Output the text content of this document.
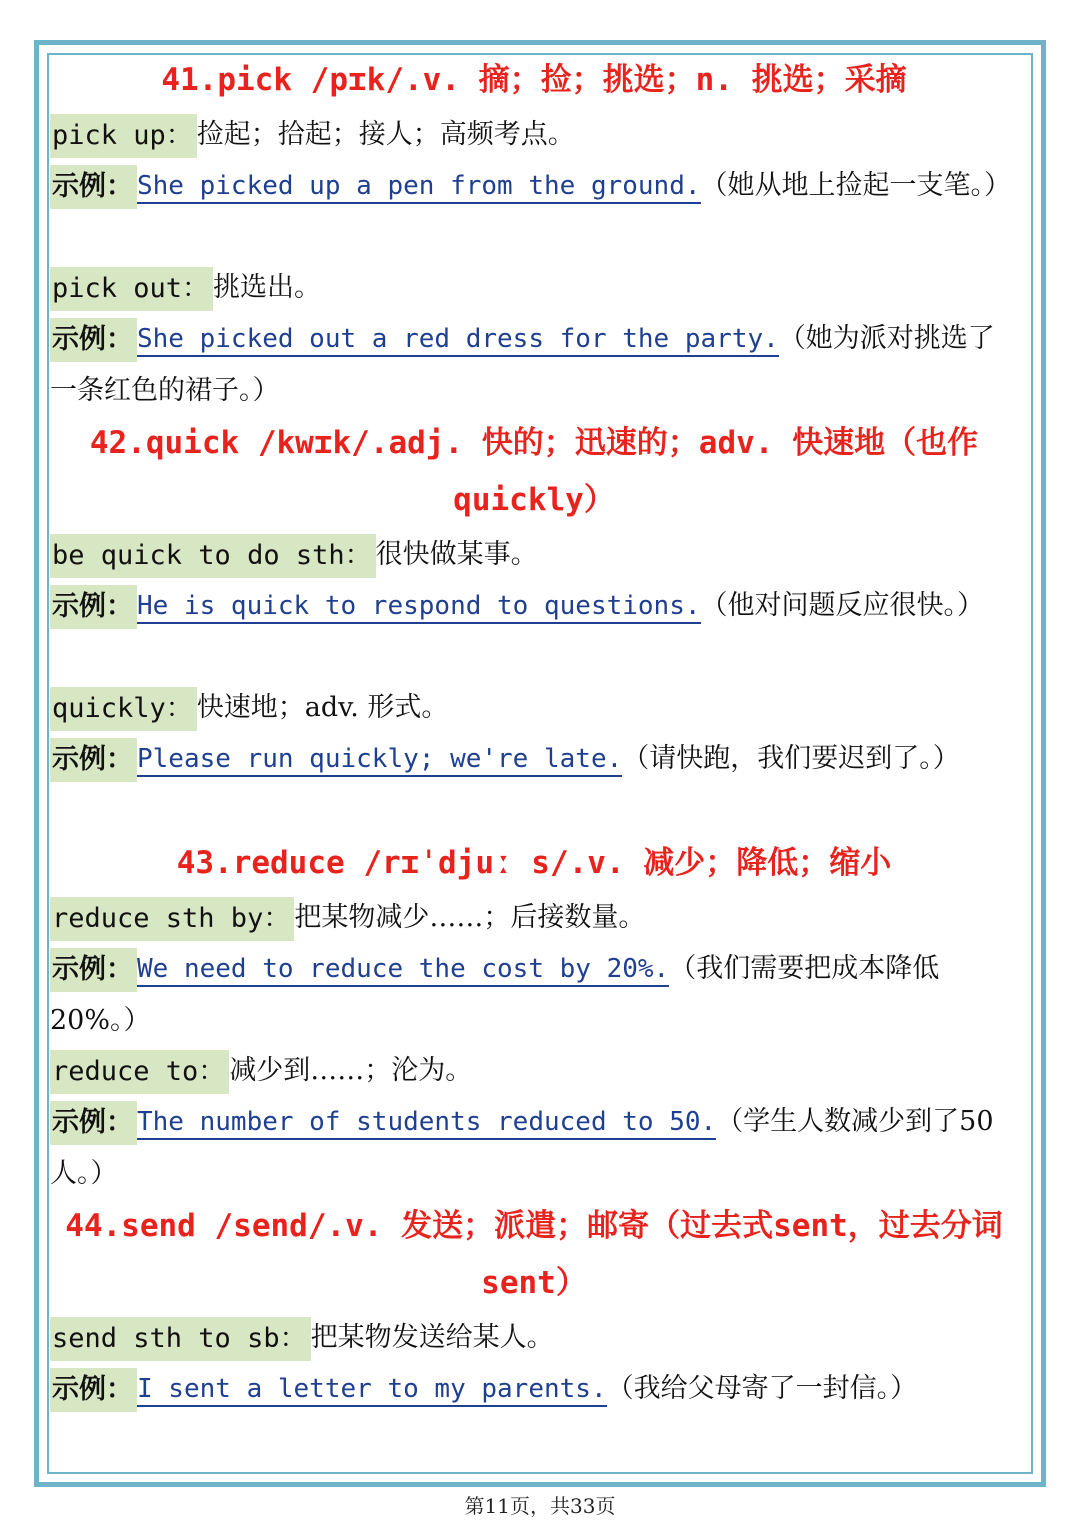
41.pick /pɪk/.v. 摘；捡；挑选；n. 挑选；采摘
pick up： 捡起；拾起；接人；高频考点。
示例： She picked up a pen from the ground.（她从地上捡起一支笔。）
pick out： 挑选出。
示例： She picked out a red dress for the party.（她为派对挑选了一条红色的裙子。）
42.quick /kwɪk/.adj. 快的；迅速的；adv. 快速地（也作quickly）
be quick to do sth： 很快做某事。
示例： He is quick to respond to questions.（他对问题反应很快。）
quickly： 快速地；adv. 形式。
示例： Please run quickly; we're late.（请快跑，我们要迟到了。）
43.reduce /rɪˈdjuː s/.v. 减少；降低；缩小
reduce sth by： 把某物减少……；后接数量。
示例： We need to reduce the cost by 20%.（我们需要把成本降低20%。）
reduce to： 减少到……；沦为。
示例： The number of students reduced to 50.（学生人数减少到了50人。）
44.send /send/.v. 发送；派遣；邮寄（过去式sent，过去分词sent）
send sth to sb： 把某物发送给某人。
示例： I sent a letter to my parents.（我给父母寄了一封信。）
第11页，共33页
